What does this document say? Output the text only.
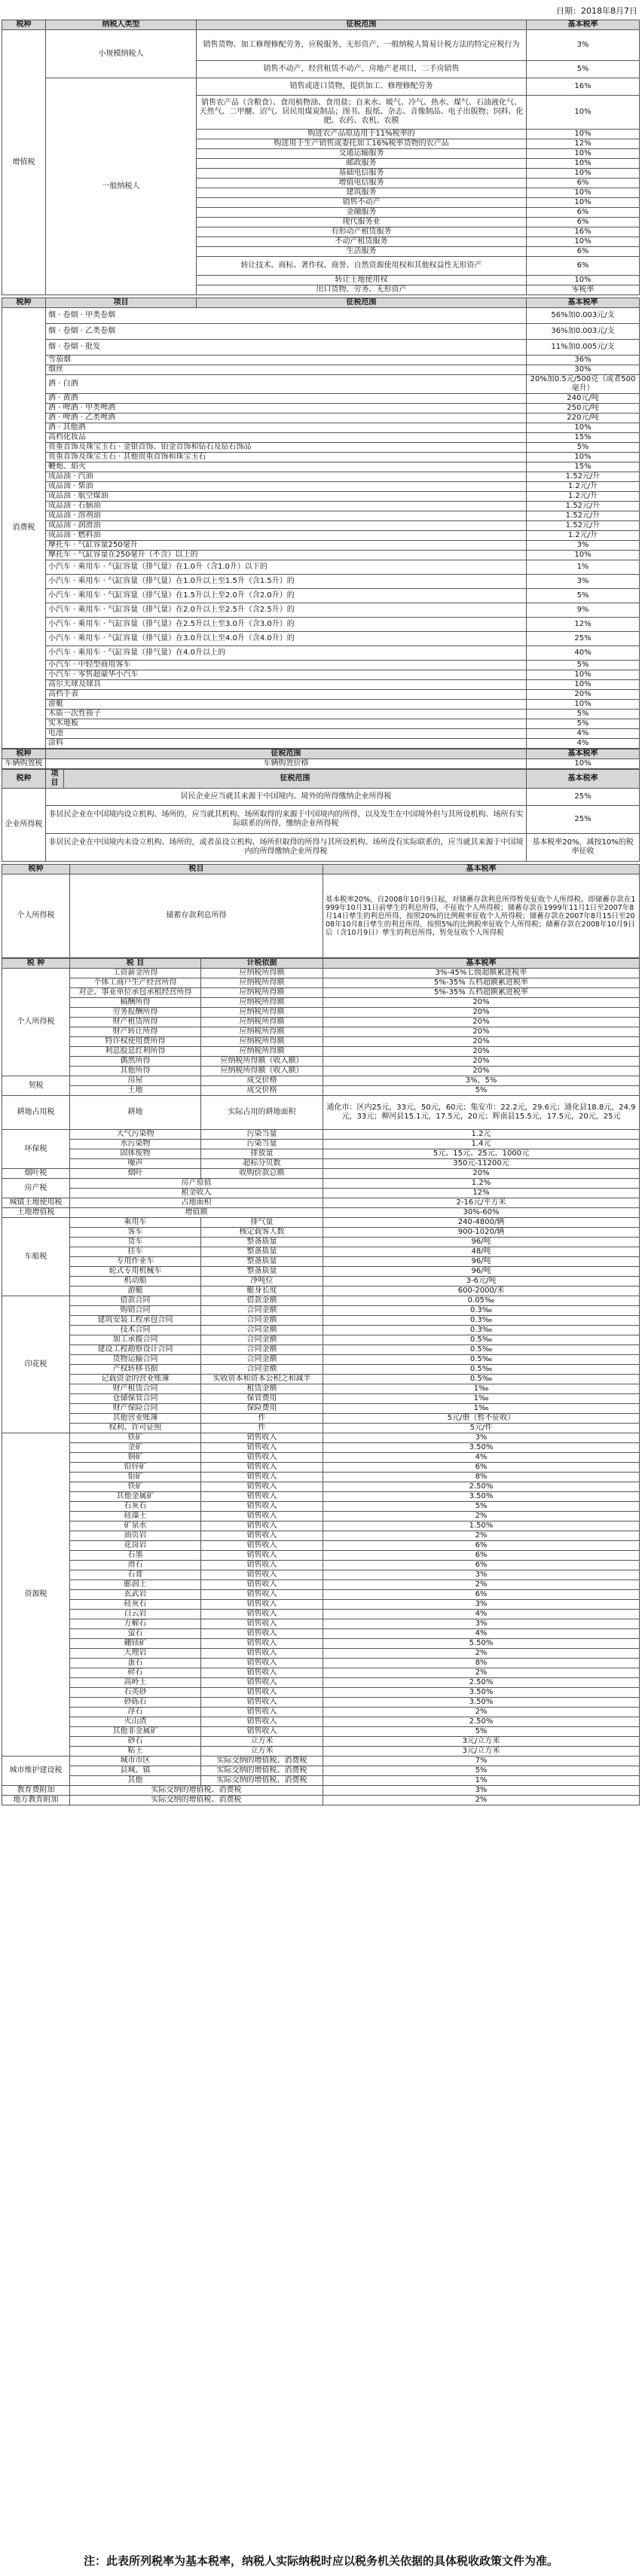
日期：2018年8月7日
税种	纳税人类型	征税范围	基本税率
增值税	小规模纳税人	销售货物、加工修理修配劳务，应税服务，无形资产，一般纳税人简易计税方法的特定应税行为	3%
		销售不动产，经营租赁不动产，房地产老项目，二手房销售	5%
	一般纳税人	销售或进口货物，提供加工、修理修配劳务	16%
		销售农产品（含粮食）、食用植物油、食用盐；自来水、暖气、冷气、热水、煤气、石油液化气、天然气、二甲醚、沼气、居民用煤炭制品；图书、报纸、杂志、音像制品、电子出版物；饲料、化肥、农药、农机、农膜	10%
		购进农产品原适用于11%税率的	10%
		购进用于生产销售或委托加工16%税率货物的农产品	12%
		交通运输服务	10%
		邮政服务	10%
		基础电信服务	10%
		增值电信服务	6%
		建筑服务	10%
		销售不动产	10%
		金融服务	6%
		现代服务业	6%
		有形动产租赁服务	16%
		不动产租赁服务	10%
		生活服务	6%
		转让技术、商标、著作权、商誉、自然资源使用权和其他权益性无形资产	6%
		转让土地使用权	10%
		出口货物、劳务、无形资产	零税率
税种	项目	征税范围	基本税率
消费税	烟 · 卷烟 · 甲类卷烟		56%加0.003元/支
	烟 · 卷烟 · 乙类卷烟		36%加0.003元/支
	烟 · 卷烟 · 批发		11%加0.005元/支
	雪茄烟		36%
	烟丝		30%
	酒 · 白酒		20%加0.5元/500克（或者500毫升）
	酒 · 黄酒		240元/吨
	酒 · 啤酒 · 甲类啤酒		250元/吨
	酒 · 啤酒 · 乙类啤酒		220元/吨
	酒 · 其他酒		10%
	高档化妆品		15%
	贵重首饰及珠宝玉石 · 金银首饰、铂金首饰和钻石及钻石饰品		5%
	贵重首饰及珠宝玉石 · 其他贵重首饰和珠宝玉石		10%
	鞭炮、焰火		15%
	成品油 · 汽油		1.52元/升
	成品油 · 柴油		1.2元/升
	成品油 · 航空煤油		1.2元/升
	成品油 · 石脑油		1.52元/升
	成品油 · 溶剂油		1.52元/升
	成品油 · 润滑油		1.52元/升
	成品油 · 燃料油		1.2元/升
	摩托车 · 气缸容量250毫升		3%
	摩托车 · 气缸容量在250毫升（不含）以上的		10%
	小汽车 · 乘用车 · 气缸容量（排气量）在1.0升（含1.0升）以下的		1%
	小汽车 · 乘用车 · 气缸容量（排气量）在1.0升以上至1.5升（含1.5升）的		3%
	小汽车 · 乘用车 · 气缸容量（排气量）在1.5升以上至2.0升（含2.0升）的		5%
	小汽车 · 乘用车 · 气缸容量（排气量）在2.0升以上至2.5升（含2.5升）的		9%
	小汽车 · 乘用车 · 气缸容量（排气量）在2.5升以上至3.0升（含3.0升）的		12%
	小汽车 · 乘用车 · 气缸容量（排气量）在3.0升以上至4.0升（含4.0升）的		25%
	小汽车 · 乘用车 · 气缸容量（排气量）在4.0升以上的		40%
	小汽车 · 中轻型商用客车		5%
	小汽车 · 零售超豪华小汽车		10%
	高尔夫球及球具		10%
	高档手表		20%
	游艇		10%
	木质一次性筷子		5%
	实木地板		5%
	电池		4%
	涂料		4%
税种	征税范围	基本税率
车辆购置税	车辆购置价格	10%
税种	项目	征税范围	基本税率
企业所得税	居民企业应当就其来源于中国境内、境外的所得缴纳企业所得税		25%
	非居民企业在中国境内设立机构、场所的，应当就其机构、场所取得的来源于中国境内的所得，以及发生在中国境外但与其所设机构、场所有实际联系的所得，缴纳企业所得税		25%
	非居民企业在中国境内未设立机构、场所的，或者虽设立机构、场所但取得的所得与其所设机构、场所没有实际联系的，应当就其来源于中国境内的所得缴纳企业所得税		基本税率20%，减按10%的税率征收
税种	税目	基本税率
个人所得税	储蓄存款利息所得	基本税率20%，自2008年10月9日起，对储蓄存款利息所得暂免征收个人所得税。即储蓄存款在1999年10月31日前孳生的利息所得，不征收个人所得税；储蓄存款在1999年11月1日至2007年8月14日孳生的利息所得，按照20%的比例税率征收个人所得税；储蓄存款在2007年8月15日至2008年10月8日孳生的利息所得，按照5%的比例税率征收个人所得税；储蓄存款在2008年10月9日后（含10月9日）孳生的利息所得，暂免征收个人所得税
税 种	税 目	计税依据	基本税率
个人所得税	工资薪金所得	应纳税所得额	3%-45%七级超额累进税率
	个体工商户生产经营所得	应纳税所得额	5%-35% 五档超额累进税率
	对企、事业单位承包承租经营所得	应纳税所得额	5%-35% 五档超额累进税率
	稿酬所得	应纳税所得额	20%
	劳务报酬所得	应纳税所得额	20%
	财产租赁所得	应纳税所得额	20%
	财产转让所得	应纳税所得额	20%
	特许权使用费所得	应纳税所得额	20%
	利息股息红利所得	应纳税所得额	20%
	偶然所得	应纳税所得额（收入额）	20%
	其他所得	应纳税所得额（收入额）	20%
契税	房屋	成交价格	3%，5%
	土地	成交价格	5%
耕地占用税	耕地	实际占用的耕地面积	通化市：区内25元，33元，50元，60元；集安市：22.2元，29.6元；通化县18.8元，24.9元，33元；柳河县15.1元，17.5元，20元；辉南县15.5元，17.5元，20元，25元
环保税	大气污染物	污染当量	1.2元
	水污染物	污染当量	1.4元
	固体废物	排放量	5元、15元、25元、1000元
	噪声	超标分贝数	350元-11200元
烟叶税	烟叶	收购价款总额	20%
房产税	房产原值		1.2%
	租金收入		12%
城镇土地使用税	占地面积		2-16元/平方米
土地增值税	增值额		30%-60%
车船税	乘用车	排气量	240-4800/辆
	客车	核定载客人数	900-1020/辆
	货车	整备质量	96/吨
	挂车	整备质量	48/吨
	专用作业车	整备质量	96/吨
	轮式专用机械车	整备质量	96/吨
	机动船	净吨位	3-6元/吨
	游艇	艇身长度	600-2000/米
印花税	借款合同	借款金额	0.05‰
	购销合同	合同金额	0.3‰
	建筑安装工程承包合同	合同金额	0.3‰
	技术合同	合同金额	0.3‰
	加工承揽合同	合同金额	0.5‰
	建设工程勘察设计合同	合同金额	0.5‰
	货物运输合同	合同金额	0.5‰
	产权转移书据	合同金额	0.5‰
	记载资金的营业账簿	实收资本和资本公积之和减半	0.5‰
	财产租赁合同	租赁金额	1‰
	仓储保管合同	保管费用	1‰
	财产保险合同	保险费用	1‰
	其他营业账簿	件	5元/册（暂不征收）
	权利、许可证照	件	5元/件
资源税	铁矿	销售收入	3%
	金矿	销售收入	3.50%
	铜矿	销售收入	4%
	铅锌矿	销售收入	6%
	钼矿	销售收入	8%
	铁矿	销售收入	2.50%
	其他金属矿	销售收入	3.50%
	石灰石	销售收入	5%
	硅藻土	销售收入	2%
	矿泉水	销售收入	1.50%
	油页岩	销售收入	2%
	花岗岩	销售收入	6%
	石墨	销售收入	6%
	滑石	销售收入	6%
	石膏	销售收入	3%
	膨润土	销售收入	2%
	玄武岩	销售收入	6%
	硅灰石	销售收入	3%
	白云岩	销售收入	4%
	方解石	销售收入	3%
	萤石	销售收入	4%
	硼镁矿	销售收入	5.50%
	大理岩	销售收入	2%
	蛋石	销售收入	8%
	碎石	销售收入	2%
	高岭土	销售收入	2.50%
	石英砂	销售收入	3.50%
	砂砾石	销售收入	3.50%
	浮石	销售收入	2%
	火山渣	销售收入	2.50%
	其他非金属矿	销售收入	5%
	砂石	立方米	3元/立方米
	粘土	立方米	3元/立方米
城市维护建设税	城市市区	实际交纳的增值税、消费税	7%
	县城、镇	实际交纳的增值税、消费税	5%
	其他	实际交纳的增值税、消费税	1%
教育费附加	实际交纳的增值税、消费税		3%
地方教育附加	实际交纳的增值税、消费税		2%
注：此表所列税率为基本税率，纳税人实际纳税时应以税务机关依据的具体税收政策文件为准。
